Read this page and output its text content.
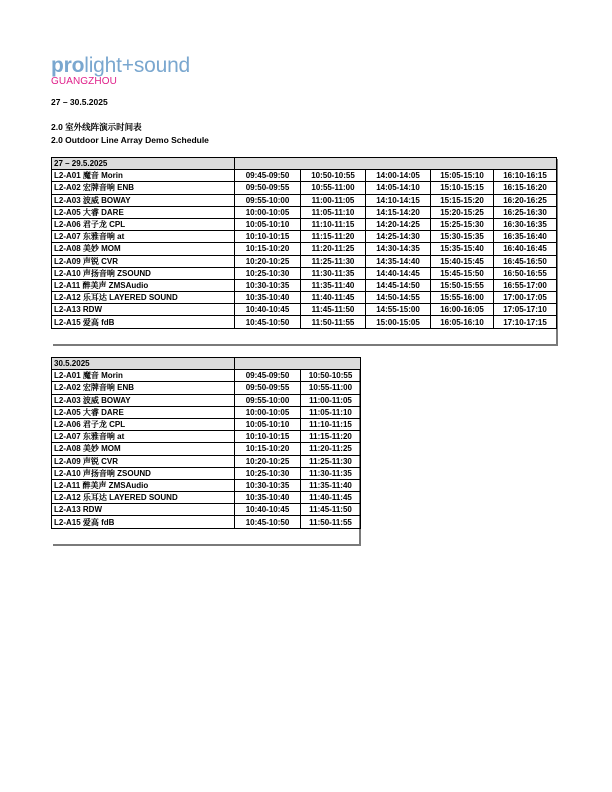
prolight+sound
GUANGZHOU
27 – 30.5.2025
2.0 室外线阵演示时间表
2.0 Outdoor Line Array Demo Schedule
27 – 29.5.2025					
L2-A01 魔音 Morin	09:45-09:50	10:50-10:55	14:00-14:05	15:05-15:10	16:10-16:15
L2-A02 宏牌音响 ENB	09:50-09:55	10:55-11:00	14:05-14:10	15:10-15:15	16:15-16:20
L2-A03 波威 BOWAY	09:55-10:00	11:00-11:05	14:10-14:15	15:15-15:20	16:20-16:25
L2-A05 大睿 DARE	10:00-10:05	11:05-11:10	14:15-14:20	15:20-15:25	16:25-16:30
L2-A06 君子龙 CPL	10:05-10:10	11:10-11:15	14:20-14:25	15:25-15:30	16:30-16:35
L2-A07 东雅音响 at	10:10-10:15	11:15-11:20	14:25-14:30	15:30-15:35	16:35-16:40
L2-A08 美妙 MOM	10:15-10:20	11:20-11:25	14:30-14:35	15:35-15:40	16:40-16:45
L2-A09 声锐 CVR	10:20-10:25	11:25-11:30	14:35-14:40	15:40-15:45	16:45-16:50
L2-A10 声扬音响 ZSOUND	10:25-10:30	11:30-11:35	14:40-14:45	15:45-15:50	16:50-16:55
L2-A11 醉美声 ZMSAudio	10:30-10:35	11:35-11:40	14:45-14:50	15:50-15:55	16:55-17:00
L2-A12 乐耳达 LAYERED SOUND	10:35-10:40	11:40-11:45	14:50-14:55	15:55-16:00	17:00-17:05
L2-A13 RDW	10:40-10:45	11:45-11:50	14:55-15:00	16:00-16:05	17:05-17:10
L2-A15 爱高 fdB	10:45-10:50	11:50-11:55	15:00-15:05	16:05-16:10	17:10-17:15
30.5.2025		
L2-A01 魔音 Morin	09:45-09:50	10:50-10:55
L2-A02 宏牌音响 ENB	09:50-09:55	10:55-11:00
L2-A03 波威 BOWAY	09:55-10:00	11:00-11:05
L2-A05 大睿 DARE	10:00-10:05	11:05-11:10
L2-A06 君子龙 CPL	10:05-10:10	11:10-11:15
L2-A07 东雅音响 at	10:10-10:15	11:15-11:20
L2-A08 美妙 MOM	10:15-10:20	11:20-11:25
L2-A09 声锐 CVR	10:20-10:25	11:25-11:30
L2-A10 声扬音响 ZSOUND	10:25-10:30	11:30-11:35
L2-A11 醉美声 ZMSAudio	10:30-10:35	11:35-11:40
L2-A12 乐耳达 LAYERED SOUND	10:35-10:40	11:40-11:45
L2-A13 RDW	10:40-10:45	11:45-11:50
L2-A15 爱高 fdB	10:45-10:50	11:50-11:55
